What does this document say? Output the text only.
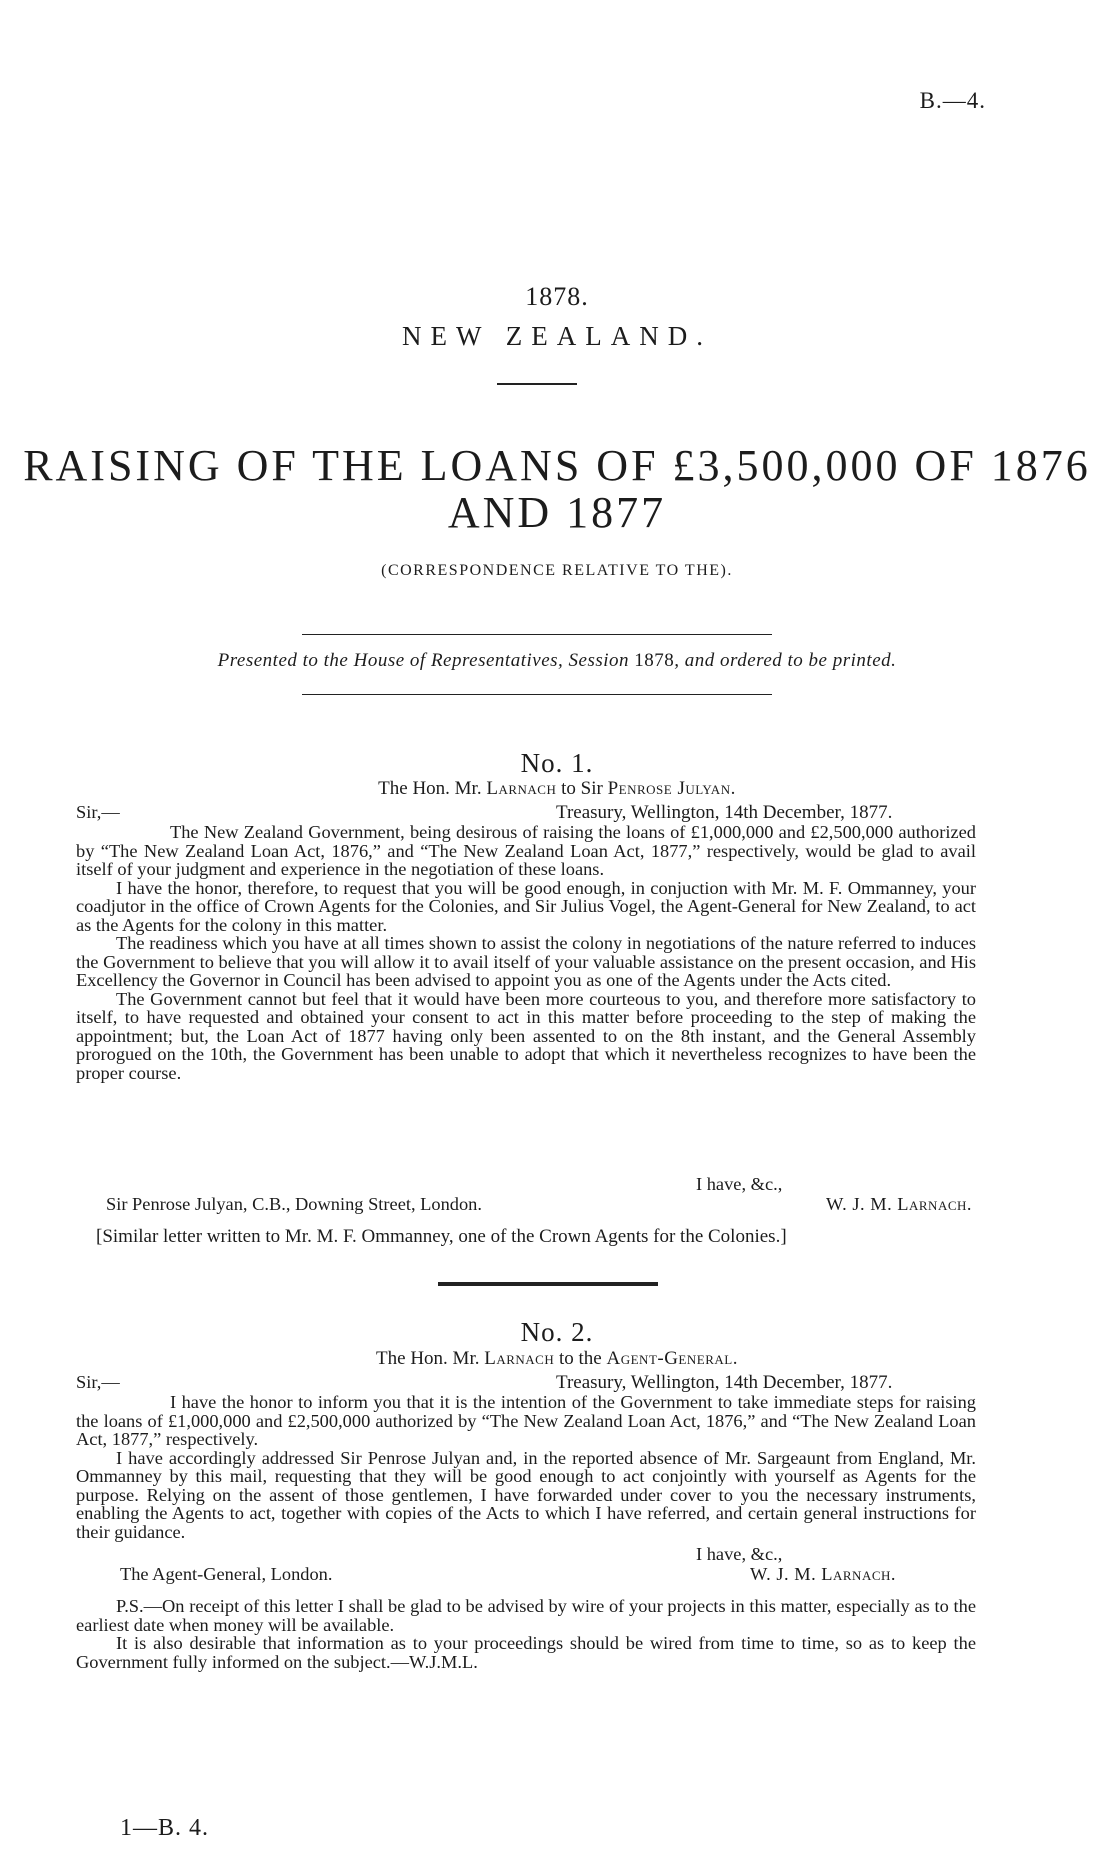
B.—4.
1878.
NEW ZEALAND.
RAISING OF THE LOANS OF £3,500,000 OF 1876
AND 1877
(CORRESPONDENCE RELATIVE TO THE).
Presented to the House of Representatives, Session 1878, and ordered to be printed.
No. 1.
The Hon. Mr. Larnach to Sir Penrose Julyan.
Sir,—	Treasury, Wellington, 14th December, 1877.

The New Zealand Government, being desirous of raising the loans of £1,000,000 and £2,500,000 authorized by “The New Zealand Loan Act, 1876,” and “The New Zealand Loan Act, 1877,” respectively, would be glad to avail itself of your judgment and experience in the negotiation of these loans.

I have the honor, therefore, to request that you will be good enough, in conjuction with Mr. M. F. Ommanney, your coadjutor in the office of Crown Agents for the Colonies, and Sir Julius Vogel, the Agent-General for New Zealand, to act as the Agents for the colony in this matter.

The readiness which you have at all times shown to assist the colony in negotiations of the nature referred to induces the Government to believe that you will allow it to avail itself of your valuable assistance on the present occasion, and His Excellency the Governor in Council has been advised to appoint you as one of the Agents under the Acts cited.

The Government cannot but feel that it would have been more courteous to you, and therefore more satisfactory to itself, to have requested and obtained your consent to act in this matter before proceeding to the step of making the appointment; but, the Loan Act of 1877 having only been assented to on the 8th instant, and the General Assembly prorogued on the 10th, the Government has been unable to adopt that which it nevertheless recognizes to have been the proper course.

I have, &c.,
Sir Penrose Julyan, C.B., Downing Street, London.	W. J. M. Larnach.
[Similar letter written to Mr. M. F. Ommanney, one of the Crown Agents for the Colonies.]
No. 2.
The Hon. Mr. Larnach to the Agent-General.
Sir,—	Treasury, Wellington, 14th December, 1877.

I have the honor to inform you that it is the intention of the Government to take immediate steps for raising the loans of £1,000,000 and £2,500,000 authorized by “The New Zealand Loan Act, 1876,” and “The New Zealand Loan Act, 1877,” respectively.

I have accordingly addressed Sir Penrose Julyan and, in the reported absence of Mr. Sargeaunt from England, Mr. Ommanney by this mail, requesting that they will be good enough to act conjointly with yourself as Agents for the purpose. Relying on the assent of those gentlemen, I have forwarded under cover to you the necessary instruments, enabling the Agents to act, together with copies of the Acts to which I have referred, and certain general instructions for their guidance.

I have, &c.,
The Agent-General, London.	W. J. M. Larnach.

P.S.—On receipt of this letter I shall be glad to be advised by wire of your projects in this matter, especially as to the earliest date when money will be available.

It is also desirable that information as to your proceedings should be wired from time to time, so as to keep the Government fully informed on the subject.—W.J.M.L.

1—B. 4.
